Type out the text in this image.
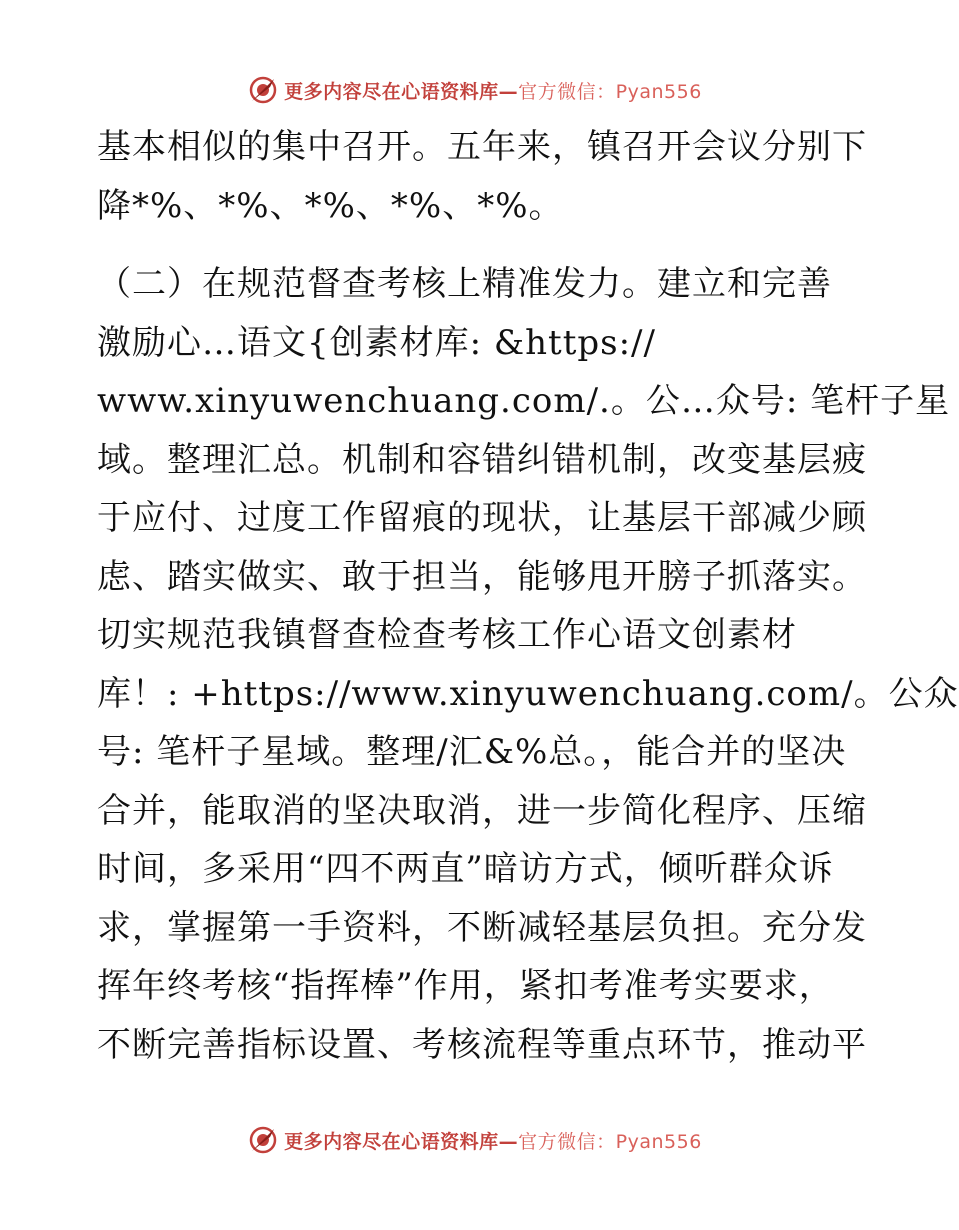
更多内容尽在心语资料库—官方微信：Pyan556
基本相似的集中召开。五年来，镇召开会议分别下
降*%、*%、*%、*%、*%。
（二）在规范督查考核上精准发力。建立和完善
激励心…语文{创素材库: &https://
www.xinyuwenchuang.com/.。公…众号: 笔杆子星
域。整理汇总。机制和容错纠错机制，改变基层疲
于应付、过度工作留痕的现状，让基层干部减少顾
虑、踏实做实、敢于担当，能够甩开膀子抓落实。
切实规范我镇督查检查考核工作心语文创素材
库！: +https://www.xinyuwenchuang.com/。公众
号: 笔杆子星域。整理/汇&%总。，能合并的坚决
合并，能取消的坚决取消，进一步简化程序、压缩
时间，多采用“四不两直”暗访方式，倾听群众诉
求，掌握第一手资料，不断减轻基层负担。充分发
挥年终考核“指挥棒”作用，紧扣考准考实要求，
不断完善指标设置、考核流程等重点环节，推动平
更多内容尽在心语资料库—官方微信：Pyan556
